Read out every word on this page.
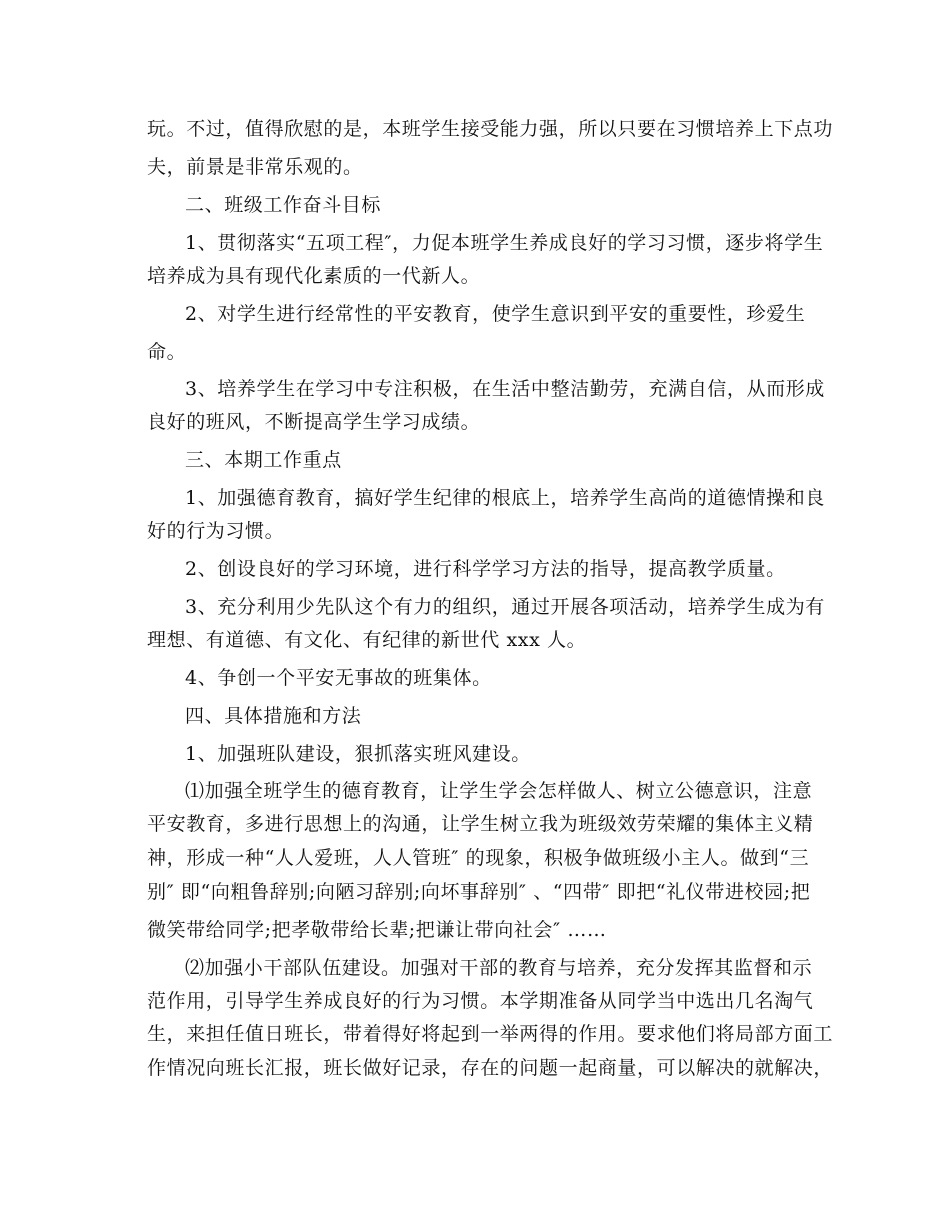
玩。不过，值得欣慰的是，本班学生接受能力强，所以只要在习惯培养上下点功
夫，前景是非常乐观的。
二、班级工作奋斗目标
1、贯彻落实“五项工程″，力促本班学生养成良好的学习习惯，逐步将学生
培养成为具有现代化素质的一代新人。
2、对学生进行经常性的平安教育，使学生意识到平安的重要性，珍爱生
命。
3、培养学生在学习中专注积极，在生活中整洁勤劳，充满自信，从而形成
良好的班风，不断提高学生学习成绩。
三、本期工作重点
1、加强德育教育，搞好学生纪律的根底上，培养学生高尚的道德情操和良
好的行为习惯。
2、创设良好的学习环境，进行科学学习方法的指导，提高教学质量。
3、充分利用少先队这个有力的组织，通过开展各项活动，培养学生成为有
理想、有道德、有文化、有纪律的新世代 xxx 人。
4、争创一个平安无事故的班集体。
四、具体措施和方法
1、加强班队建设，狠抓落实班风建设。
⑴加强全班学生的德育教育，让学生学会怎样做人、树立公德意识，注意
平安教育，多进行思想上的沟通，让学生树立我为班级效劳荣耀的集体主义精
神，形成一种“人人爱班，人人管班″ 的现象，积极争做班级小主人。做到“三
别″ 即“向粗鲁辞别;向陋习辞别;向坏事辞别″ 、“四带″ 即把“礼仪带进校园;把
微笑带给同学;把孝敬带给长辈;把谦让带向社会″ ……
⑵加强小干部队伍建设。加强对干部的教育与培养，充分发挥其监督和示
范作用，引导学生养成良好的行为习惯。本学期准备从同学当中选出几名淘气
生，来担任值日班长，带着得好将起到一举两得的作用。要求他们将局部方面工
作情况向班长汇报，班长做好记录，存在的问题一起商量，可以解决的就解决，
